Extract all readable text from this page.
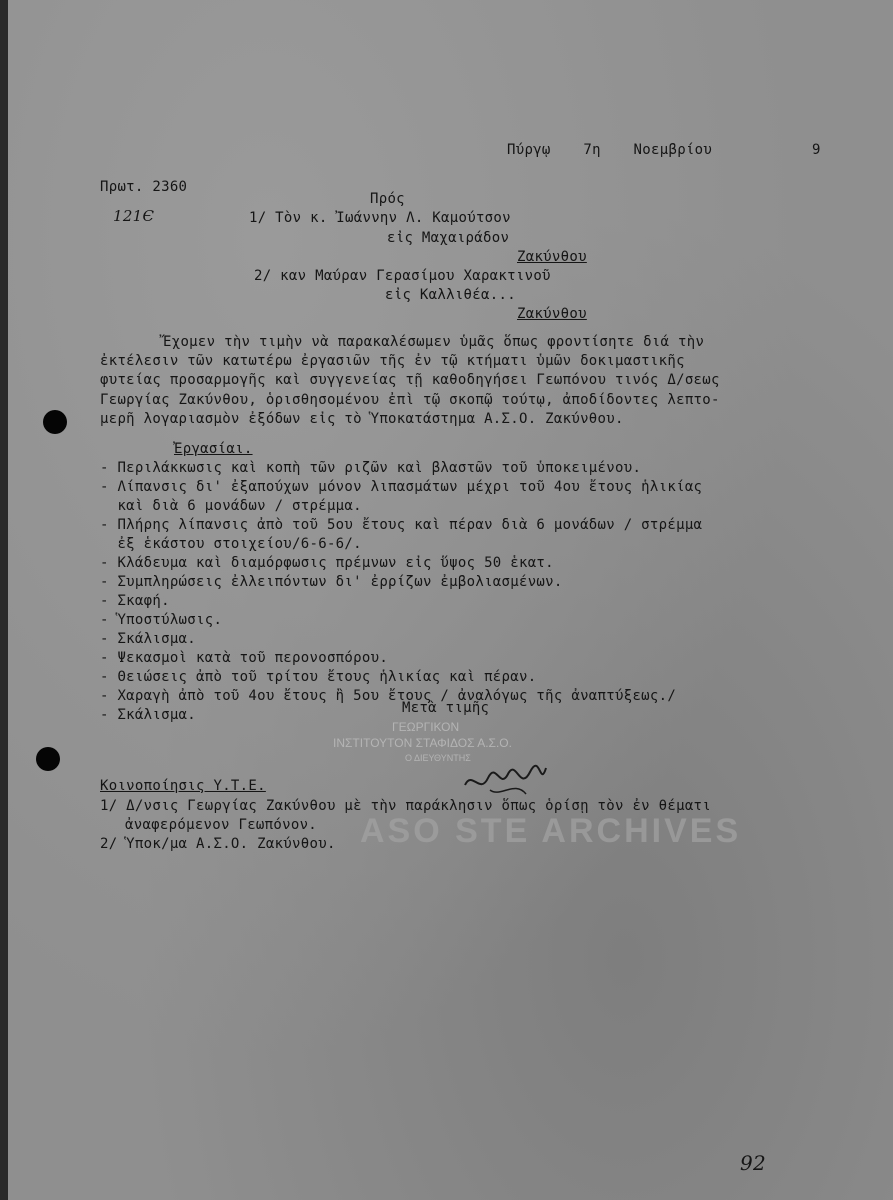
ASO STE ARCHIVES
Πύργῳ 7η Νοεμβρίου	9
Πρωτ. 2360
121Є
Πρός
1/ Τὸν κ. Ἰωάννην Λ. Καμούτσον
εἰς Μαχαιράδον
Ζακύνθου
2/ καν Μαύραν Γερασίμου Χαρακτινοῦ
εἰς Καλλιθέα...
Ζακύνθου
Ἔχομεν τὴν τιμὴν νὰ παρακαλέσωμεν ὑμᾶς ὅπως φροντίσητε διά τὴν
ἐκτέλεσιν τῶν κατωτέρω ἐργασιῶν τῆς ἐν τῷ κτήματι ὑμῶν δοκιμαστικῆς
φυτείας προσαρμογῆς καὶ συγγενείας τῇ καθοδηγήσει Γεωπόνου τινός Δ/σεως
Γεωργίας Ζακύνθου, ὁρισθησομένου ἐπὶ τῷ σκοπῷ τούτῳ, ἀποδίδοντες λεπτο-
μερῆ λογαριασμὸν ἐξόδων εἰς τὸ Ὑποκατάστημα Α.Σ.Ο. Ζακύνθου.
Ἐργασίαι.
- Περιλάκκωσις καὶ κοπὴ τῶν ριζῶν καὶ βλαστῶν τοῦ ὑποκειμένου.
- Λίπανσις δι' ἐξαπούχων μόνον λιπασμάτων μέχρι τοῦ 4ου ἔτους ἡλικίας
καὶ διὰ 6 μονάδων / στρέμμα.
- Πλήρης λίπανσις ἀπὸ τοῦ 5ου ἔτους καὶ πέραν διὰ 6 μονάδων / στρέμμα
ἐξ ἑκάστου στοιχείου/6-6-6/.
- Κλάδευμα καὶ διαμόρφωσις πρέμνων εἰς ὕψος 50 ἑκατ.
- Συμπληρώσεις ἐλλειπόντων δι' ἐρρίζων ἐμβολιασμένων.
- Σκαφή.
- Ὑποστύλωσις.
- Σκάλισμα.
- Ψεκασμοὶ κατὰ τοῦ περονοσπόρου.
- Θειώσεις ἀπὸ τοῦ τρίτου ἔτους ἡλικίας καὶ πέραν.
- Χαραγὴ ἀπὸ τοῦ 4ου ἔτους ἢ 5ου ἔτους / ἀναλόγως τῆς ἀναπτύξεως./
- Σκάλισμα.	Μετὰ τιμῆς
ΓΕΩΡΓΙΚΟΝ
ΙΝΣΤΙΤΟΥΤΟΝ ΣΤΑΦΙΔΟΣ Α.Σ.Ο.
Ο ΔΙΕΥΘΥΝΤΗΣ
Κοινοποίησις Υ.Τ.Ε.
1/ Δ/νσις Γεωργίας Ζακύνθου μὲ τὴν παράκλησιν ὅπως ὁρίσῃ τὸν ἐν θέματι
ἀναφερόμενον Γεωπόνον.
2/ Ὑποκ/μα Α.Σ.Ο. Ζακύνθου.
92
